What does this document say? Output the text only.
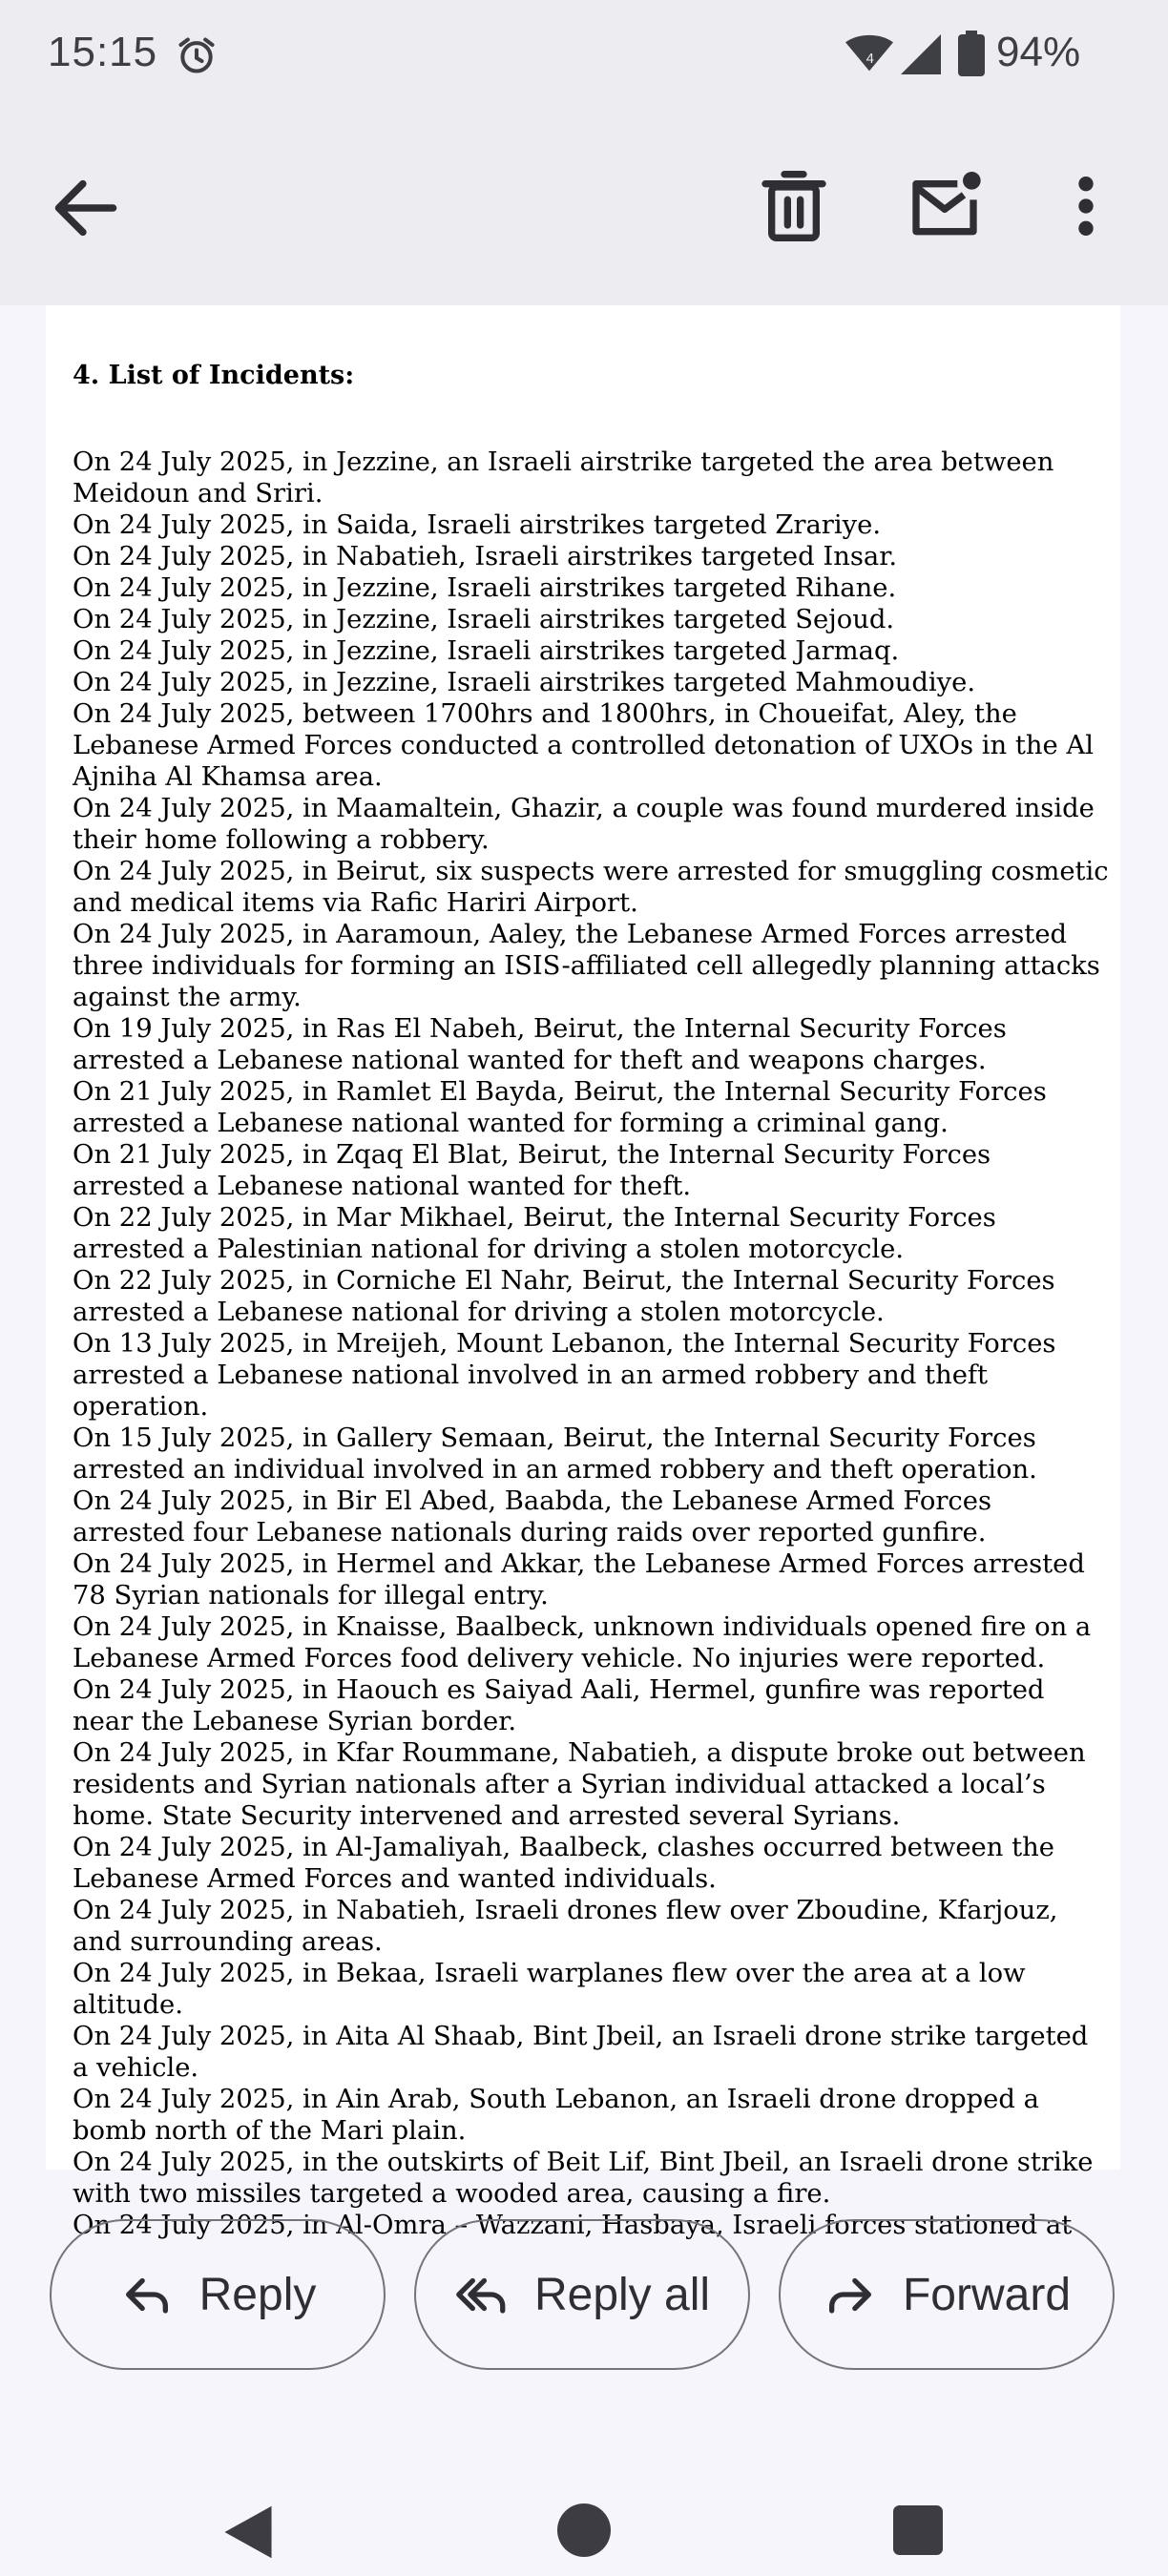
15:15	4	94%
4. List of Incidents:

On 24 July 2025, in Jezzine, an Israeli airstrike targeted the area between Meidoun and Sriri.

On 24 July 2025, in Saida, Israeli airstrikes targeted Zrariye.

On 24 July 2025, in Nabatieh, Israeli airstrikes targeted Insar.

On 24 July 2025, in Jezzine, Israeli airstrikes targeted Rihane.

On 24 July 2025, in Jezzine, Israeli airstrikes targeted Sejoud.

On 24 July 2025, in Jezzine, Israeli airstrikes targeted Jarmaq.

On 24 July 2025, in Jezzine, Israeli airstrikes targeted Mahmoudiye.

On 24 July 2025, between 1700hrs and 1800hrs, in Choueifat, Aley, the Lebanese Armed Forces conducted a controlled detonation of UXOs in the Al Ajniha Al Khamsa area.

On 24 July 2025, in Maamaltein, Ghazir, a couple was found murdered inside their home following a robbery.

On 24 July 2025, in Beirut, six suspects were arrested for smuggling cosmetic and medical items via Rafic Hariri Airport.

On 24 July 2025, in Aaramoun, Aaley, the Lebanese Armed Forces arrested three individuals for forming an ISIS-affiliated cell allegedly planning attacks against the army.

On 19 July 2025, in Ras El Nabeh, Beirut, the Internal Security Forces arrested a Lebanese national wanted for theft and weapons charges.

On 21 July 2025, in Ramlet El Bayda, Beirut, the Internal Security Forces arrested a Lebanese national wanted for forming a criminal gang.

On 21 July 2025, in Zqaq El Blat, Beirut, the Internal Security Forces arrested a Lebanese national wanted for theft.

On 22 July 2025, in Mar Mikhael, Beirut, the Internal Security Forces arrested a Palestinian national for driving a stolen motorcycle.

On 22 July 2025, in Corniche El Nahr, Beirut, the Internal Security Forces arrested a Lebanese national for driving a stolen motorcycle.

On 13 July 2025, in Mreijeh, Mount Lebanon, the Internal Security Forces arrested a Lebanese national involved in an armed robbery and theft operation.

On 15 July 2025, in Gallery Semaan, Beirut, the Internal Security Forces arrested an individual involved in an armed robbery and theft operation.

On 24 July 2025, in Bir El Abed, Baabda, the Lebanese Armed Forces arrested four Lebanese nationals during raids over reported gunfire.

On 24 July 2025, in Hermel and Akkar, the Lebanese Armed Forces arrested 78 Syrian nationals for illegal entry.

On 24 July 2025, in Knaisse, Baalbeck, unknown individuals opened fire on a Lebanese Armed Forces food delivery vehicle. No injuries were reported.

On 24 July 2025, in Haouch es Saiyad Aali, Hermel, gunfire was reported near the Lebanese Syrian border.

On 24 July 2025, in Kfar Roummane, Nabatieh, a dispute broke out between residents and Syrian nationals after a Syrian individual attacked a local’s home. State Security intervened and arrested several Syrians.

On 24 July 2025, in Al-Jamaliyah, Baalbeck, clashes occurred between the Lebanese Armed Forces and wanted individuals.

On 24 July 2025, in Nabatieh, Israeli drones flew over Zboudine, Kfarjouz, and surrounding areas.

On 24 July 2025, in Bekaa, Israeli warplanes flew over the area at a low altitude.

On 24 July 2025, in Aita Al Shaab, Bint Jbeil, an Israeli drone strike targeted a vehicle.

On 24 July 2025, in Ain Arab, South Lebanon, an Israeli drone dropped a bomb north of the Mari plain.

On 24 July 2025, in the outskirts of Beit Lif, Bint Jbeil, an Israeli drone strike with two missiles targeted a wooded area, causing a fire.

On 24 July 2025, in Al-Omra – Wazzani, Hasbaya, Israeli forces stationed at

Reply	Reply all	Forward
